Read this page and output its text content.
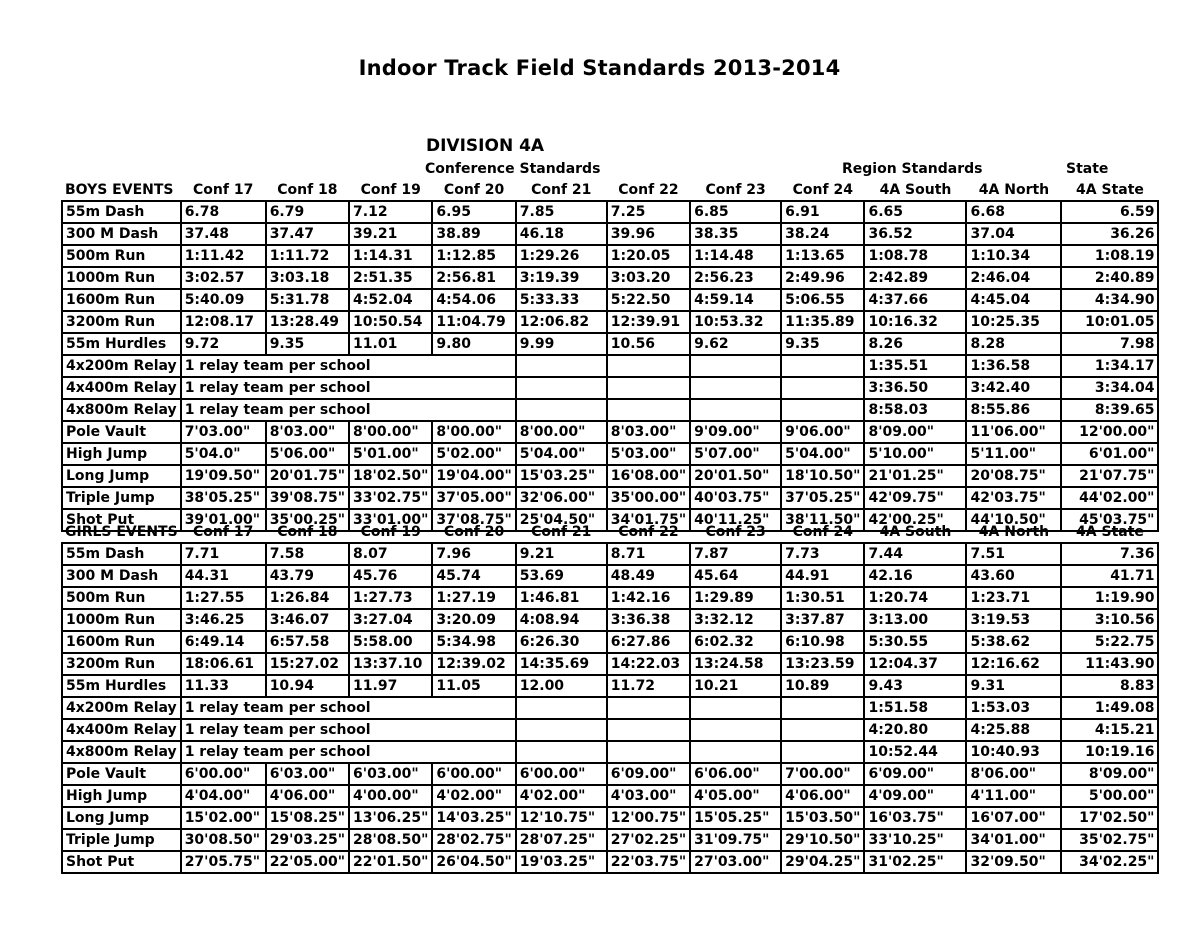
Indoor Track Field Standards 2013-2014
DIVISION 4A
Conference Standards	Region Standards	State
BOYS EVENTS	Conf 17	Conf 18	Conf 19	Conf 20	Conf 21	Conf 22	Conf 23	Conf 24	4A South	4A North	4A State
55m Dash	6.78	6.79	7.12	6.95	7.85	7.25	6.85	6.91	6.65	6.68	6.59
300 M Dash	37.48	37.47	39.21	38.89	46.18	39.96	38.35	38.24	36.52	37.04	36.26
500m Run	1:11.42	1:11.72	1:14.31	1:12.85	1:29.26	1:20.05	1:14.48	1:13.65	1:08.78	1:10.34	1:08.19
1000m Run	3:02.57	3:03.18	2:51.35	2:56.81	3:19.39	3:03.20	2:56.23	2:49.96	2:42.89	2:46.04	2:40.89
1600m Run	5:40.09	5:31.78	4:52.04	4:54.06	5:33.33	5:22.50	4:59.14	5:06.55	4:37.66	4:45.04	4:34.90
3200m Run	12:08.17	13:28.49	10:50.54	11:04.79	12:06.82	12:39.91	10:53.32	11:35.89	10:16.32	10:25.35	10:01.05
55m Hurdles	9.72	9.35	11.01	9.80	9.99	10.56	9.62	9.35	8.26	8.28	7.98
4x200m Relay	1 relay team per school								1:35.51	1:36.58	1:34.17
4x400m Relay	1 relay team per school								3:36.50	3:42.40	3:34.04
4x800m Relay	1 relay team per school								8:58.03	8:55.86	8:39.65
Pole Vault	7'03.00"	8'03.00"	8'00.00"	8'00.00"	8'00.00"	8'03.00"	9'09.00"	9'06.00"	8'09.00"	11'06.00"	12'00.00"
High Jump	5'04.0"	5'06.00"	5'01.00"	5'02.00"	5'04.00"	5'03.00"	5'07.00"	5'04.00"	5'10.00"	5'11.00"	6'01.00"
Long Jump	19'09.50"	20'01.75"	18'02.50"	19'04.00"	15'03.25"	16'08.00"	20'01.50"	18'10.50"	21'01.25"	20'08.75"	21'07.75"
Triple Jump	38'05.25"	39'08.75"	33'02.75"	37'05.00"	32'06.00"	35'00.00"	40'03.75"	37'05.25"	42'09.75"	42'03.75"	44'02.00"
Shot Put	39'01.00"	35'00.25"	33'01.00"	37'08.75"	25'04.50"	34'01.75"	40'11.25"	38'11.50"	42'00.25"	44'10.50"	45'03.75"
GIRLS EVENTS	Conf 17	Conf 18	Conf 19	Conf 20	Conf 21	Conf 22	Conf 23	Conf 24	4A South	4A North	4A State
55m Dash	7.71	7.58	8.07	7.96	9.21	8.71	7.87	7.73	7.44	7.51	7.36
300 M Dash	44.31	43.79	45.76	45.74	53.69	48.49	45.64	44.91	42.16	43.60	41.71
500m Run	1:27.55	1:26.84	1:27.73	1:27.19	1:46.81	1:42.16	1:29.89	1:30.51	1:20.74	1:23.71	1:19.90
1000m Run	3:46.25	3:46.07	3:27.04	3:20.09	4:08.94	3:36.38	3:32.12	3:37.87	3:13.00	3:19.53	3:10.56
1600m Run	6:49.14	6:57.58	5:58.00	5:34.98	6:26.30	6:27.86	6:02.32	6:10.98	5:30.55	5:38.62	5:22.75
3200m Run	18:06.61	15:27.02	13:37.10	12:39.02	14:35.69	14:22.03	13:24.58	13:23.59	12:04.37	12:16.62	11:43.90
55m Hurdles	11.33	10.94	11.97	11.05	12.00	11.72	10.21	10.89	9.43	9.31	8.83
4x200m Relay	1 relay team per school								1:51.58	1:53.03	1:49.08
4x400m Relay	1 relay team per school								4:20.80	4:25.88	4:15.21
4x800m Relay	1 relay team per school								10:52.44	10:40.93	10:19.16
Pole Vault	6'00.00"	6'03.00"	6'03.00"	6'00.00"	6'00.00"	6'09.00"	6'06.00"	7'00.00"	6'09.00"	8'06.00"	8'09.00"
High Jump	4'04.00"	4'06.00"	4'00.00"	4'02.00"	4'02.00"	4'03.00"	4'05.00"	4'06.00"	4'09.00"	4'11.00"	5'00.00"
Long Jump	15'02.00"	15'08.25"	13'06.25"	14'03.25"	12'10.75"	12'00.75"	15'05.25"	15'03.50"	16'03.75"	16'07.00"	17'02.50"
Triple Jump	30'08.50"	29'03.25"	28'08.50"	28'02.75"	28'07.25"	27'02.25"	31'09.75"	29'10.50"	33'10.25"	34'01.00"	35'02.75"
Shot Put	27'05.75"	22'05.00"	22'01.50"	26'04.50"	19'03.25"	22'03.75"	27'03.00"	29'04.25"	31'02.25"	32'09.50"	34'02.25"
